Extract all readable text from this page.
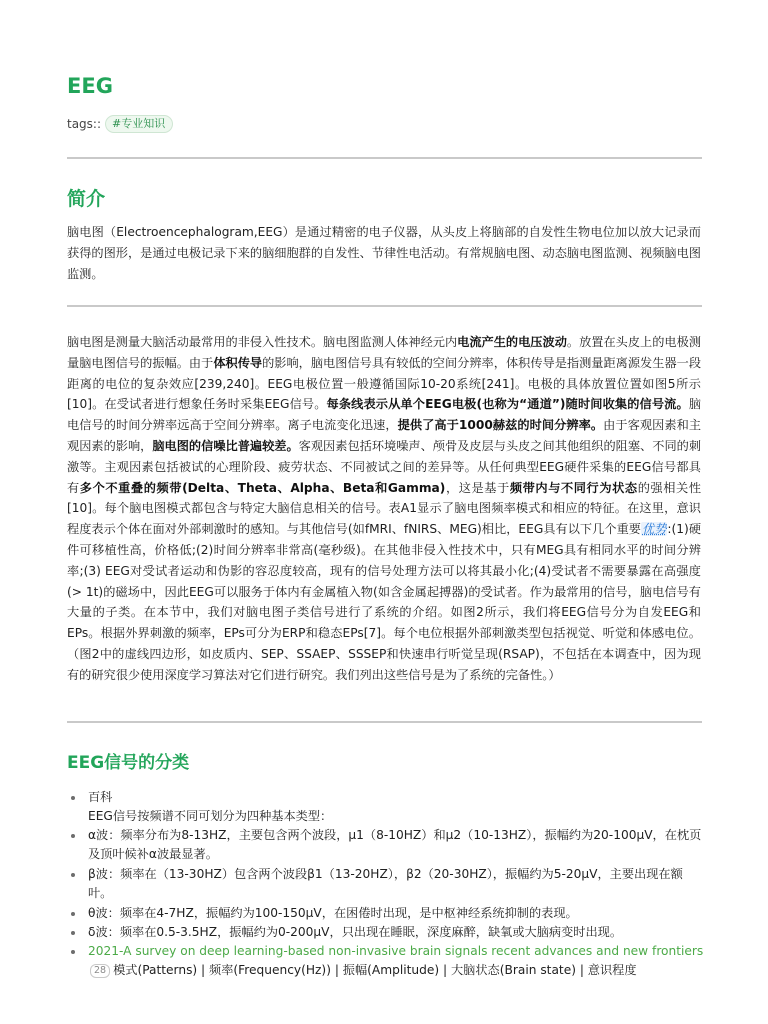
EEG
tags::	#专业知识
简介

脑电图（Electroencephalogram,EEG）是通过精密的电子仪器，从头皮上将脑部的自发性生物电位加以放大记录而获得的图形，是通过电极记录下来的脑细胞群的自发性、节律性电活动。有常规脑电图、动态脑电图监测、视频脑电图监测。

脑电图是测量大脑活动最常用的非侵入性技术。脑电图监测人体神经元内电流产生的电压波动。放置在头皮上的电极测量脑电图信号的振幅。由于体积传导的影响，脑电图信号具有较低的空间分辨率，体积传导是指测量距离源发生器一段距离的电位的复杂效应[239,240]。EEG电极位置一般遵循国际10-20系统[241]。电极的具体放置位置如图5所示[10]。在受试者进行想象任务时采集EEG信号。每条线表示从单个EEG电极(也称为“通道”)随时间收集的信号流。脑电信号的时间分辨率远高于空间分辨率。离子电流变化迅速，提供了高于1000赫兹的时间分辨率。由于客观因素和主观因素的影响，脑电图的信噪比普遍较差。客观因素包括环境噪声、颅骨及皮层与头皮之间其他组织的阻塞、不同的刺激等。主观因素包括被试的心理阶段、疲劳状态、不同被试之间的差异等。从任何典型EEG硬件采集的EEG信号都具有多个不重叠的频带(Delta、Theta、Alpha、Beta和Gamma)，这是基于频带内与不同行为状态的强相关性[10]。每个脑电图模式都包含与特定大脑信息相关的信号。表A1显示了脑电图频率模式和相应的特征。在这里，意识程度表示个体在面对外部刺激时的感知。与其他信号(如fMRI、fNIRS、MEG)相比，EEG具有以下几个重要优势:(1)硬件可移植性高，价格低;(2)时间分辨率非常高(毫秒级)。在其他非侵入性技术中，只有MEG具有相同水平的时间分辨率;(3) EEG对受试者运动和伪影的容忍度较高，现有的信号处理方法可以将其最小化;(4)受试者不需要暴露在高强度(> 1t)的磁场中，因此EEG可以服务于体内有金属植入物(如含金属起搏器)的受试者。作为最常用的信号，脑电信号有大量的子类。在本节中，我们对脑电图子类信号进行了系统的介绍。如图2所示，我们将EEG信号分为自发EEG和EPs。根据外界刺激的频率，EPs可分为ERP和稳态EPs[7]。每个电位根据外部刺激类型包括视觉、听觉和体感电位。（图2中的虚线四边形，如皮质内、SEP、SSAEP、SSSEP和快速串行听觉呈现(RSAP)，不包括在本调查中，因为现有的研究很少使用深度学习算法对它们进行研究。我们列出这些信号是为了系统的完备性。）

EEG信号的分类
百科
EEG信号按频谱不同可划分为四种基本类型：
α波：频率分布为8-13HZ，主要包含两个波段，μ1（8-10HZ）和μ2（10-13HZ），振幅约为20-100μV，在枕页及顶叶候补α波最显著。
β波：频率在（13-30HZ）包含两个波段β1（13-20HZ），β2（20-30HZ），振幅约为5-20μV，主要出现在额叶。
θ波：频率在4-7HZ，振幅约为100-150μV，在困倦时出现，是中枢神经系统抑制的表现。
δ波：频率在0.5-3.5HZ，振幅约为0-200μV，只出现在睡眠，深度麻醉，缺氧或大脑病变时出现。
2021-A survey on deep learning-based non-invasive brain signals recent advances and new frontiers28 模式(Patterns) | 频率(Frequency(Hz)) | 振幅(Amplitude) | 大脑状态(Brain state) | 意识程度
